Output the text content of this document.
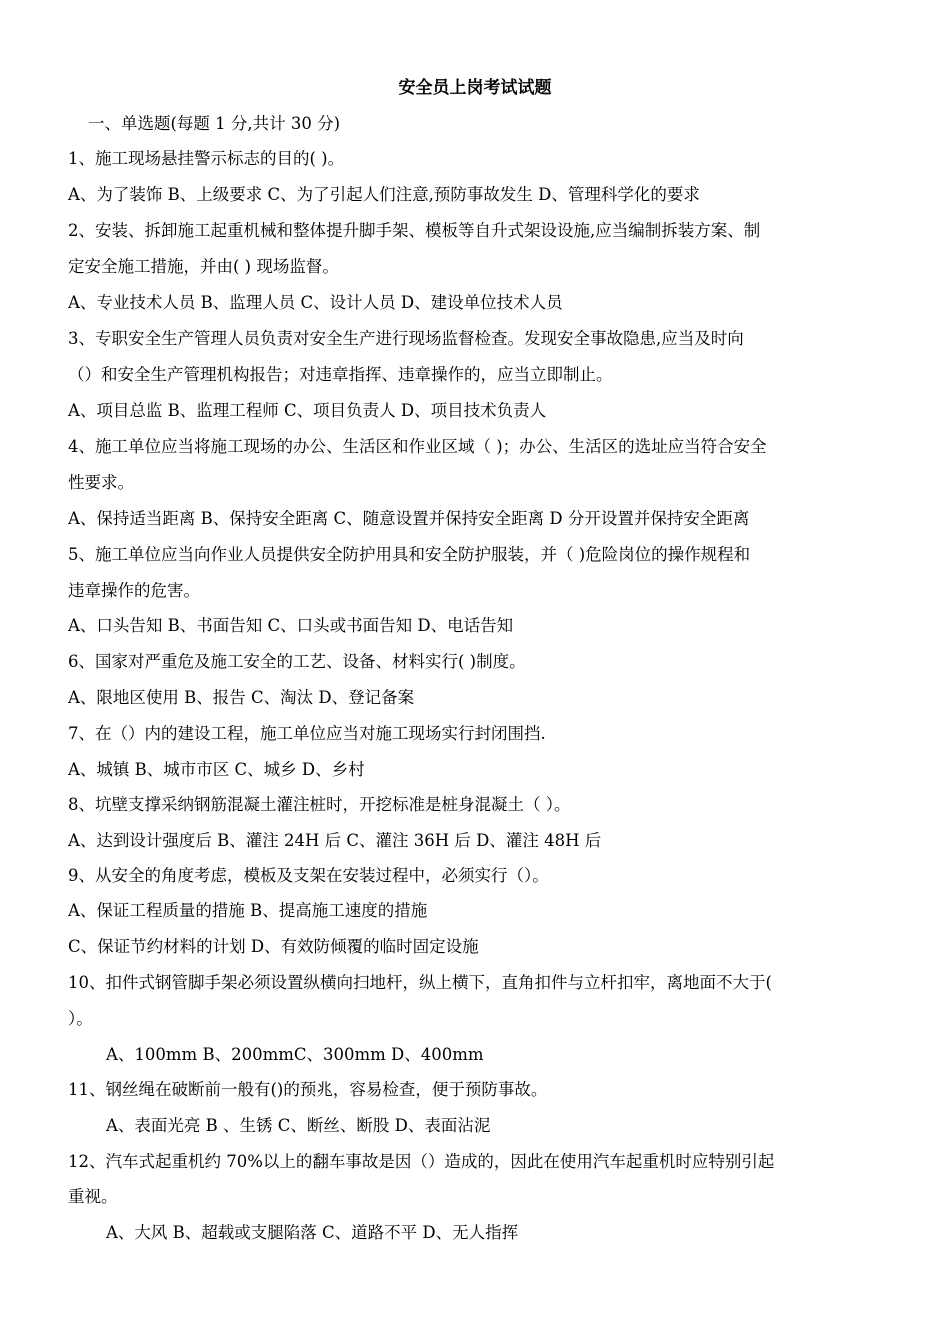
安全员上岗考试试题
一、单选题(每题 1 分,共计 30 分)
1、施工现场悬挂警示标志的目的( )。
A、为了装饰 B、上级要求 C、为了引起人们注意,预防事故发生 D、管理科学化的要求
2、安装、拆卸施工起重机械和整体提升脚手架、模板等自升式架设设施,应当编制拆装方案、制
定安全施工措施，并由( ) 现场监督。
A、专业技术人员 B、监理人员 C、设计人员 D、建设单位技术人员
3、专职安全生产管理人员负责对安全生产进行现场监督检查。发现安全事故隐患,应当及时向
（）和安全生产管理机构报告；对违章指挥、违章操作的，应当立即制止。
A、项目总监 B、监理工程师 C、项目负责人 D、项目技术负责人
4、施工单位应当将施工现场的办公、生活区和作业区域（ )；办公、生活区的选址应当符合安全
性要求。
A、保持适当距离 B、保持安全距离 C、随意设置并保持安全距离 D 分开设置并保持安全距离
5、施工单位应当向作业人员提供安全防护用具和安全防护服装，并（ )危险岗位的操作规程和
违章操作的危害。
A、口头告知 B、书面告知 C、口头或书面告知 D、电话告知
6、国家对严重危及施工安全的工艺、设备、材料实行( )制度。
A、限地区使用 B、报告 C、淘汰 D、登记备案
7、在（）内的建设工程，施工单位应当对施工现场实行封闭围挡.
A、城镇 B、城市市区 C、城乡 D、乡村
8、坑壁支撑采纳钢筋混凝土灌注桩时，开挖标准是桩身混凝土（ ）。
A、达到设计强度后 B、灌注 24H 后 C、灌注 36H 后 D、灌注 48H 后
9、从安全的角度考虑，模板及支架在安装过程中，必须实行（）。
A、保证工程质量的措施 B、提高施工速度的措施
C、保证节约材料的计划 D、有效防倾覆的临时固定设施
10、扣件式钢管脚手架必须设置纵横向扫地杆，纵上横下，直角扣件与立杆扣牢，离地面不大于(
）。
A、100mm B、200mmC、300mm D、400mm
11、钢丝绳在破断前一般有()的预兆，容易检查，便于预防事故。
A、表面光亮 B 、生锈 C、断丝、断股 D、表面沾泥
12、汽车式起重机约 70%以上的翻车事故是因（）造成的，因此在使用汽车起重机时应特别引起
重视。
A、大风 B、超载或支腿陷落 C、道路不平 D、无人指挥
